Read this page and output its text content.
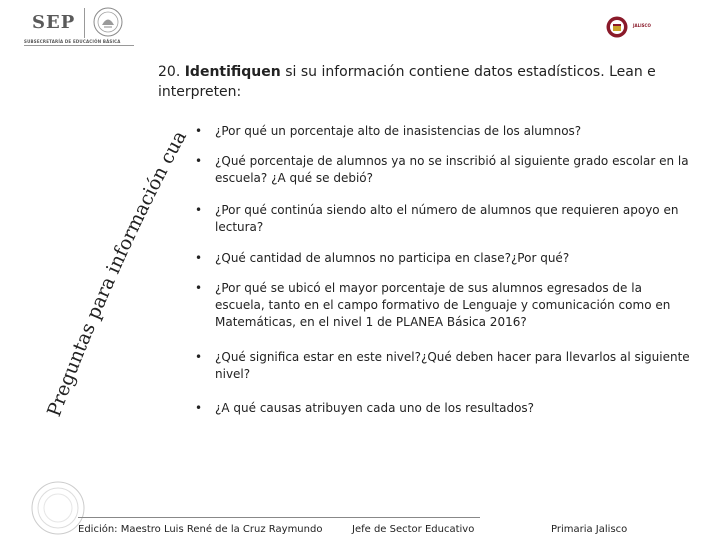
SEP
SUBSECRETARÍA DE EDUCACIÓN BÁSICA
JALISCO
20. Identifiquen si su información contiene datos estadísticos. Lean e interpreten:
Preguntas para información cuantitativa
• ¿Por qué un porcentaje alto de inasistencias de los alumnos?
• ¿Qué porcentaje de alumnos ya no se inscribió al siguiente grado escolar en la escuela? ¿A qué se debió?
• ¿Por qué continúa siendo alto el número de alumnos que requieren apoyo en lectura?
• ¿Qué cantidad de alumnos no participa en clase?¿Por qué?
• ¿Por qué se ubicó el mayor porcentaje de sus alumnos egresados de la escuela, tanto en el campo formativo de Lenguaje y comunicación como en Matemáticas, en el nivel 1 de PLANEA Básica 2016?
• ¿Qué significa estar en este nivel?¿Qué deben hacer para llevarlos al siguiente nivel?
• ¿A qué causas atribuyen cada uno de los resultados?
Edición: Maestro Luis René de la Cruz Raymundo	Jefe de Sector Educativo	Primaria Jalisco
